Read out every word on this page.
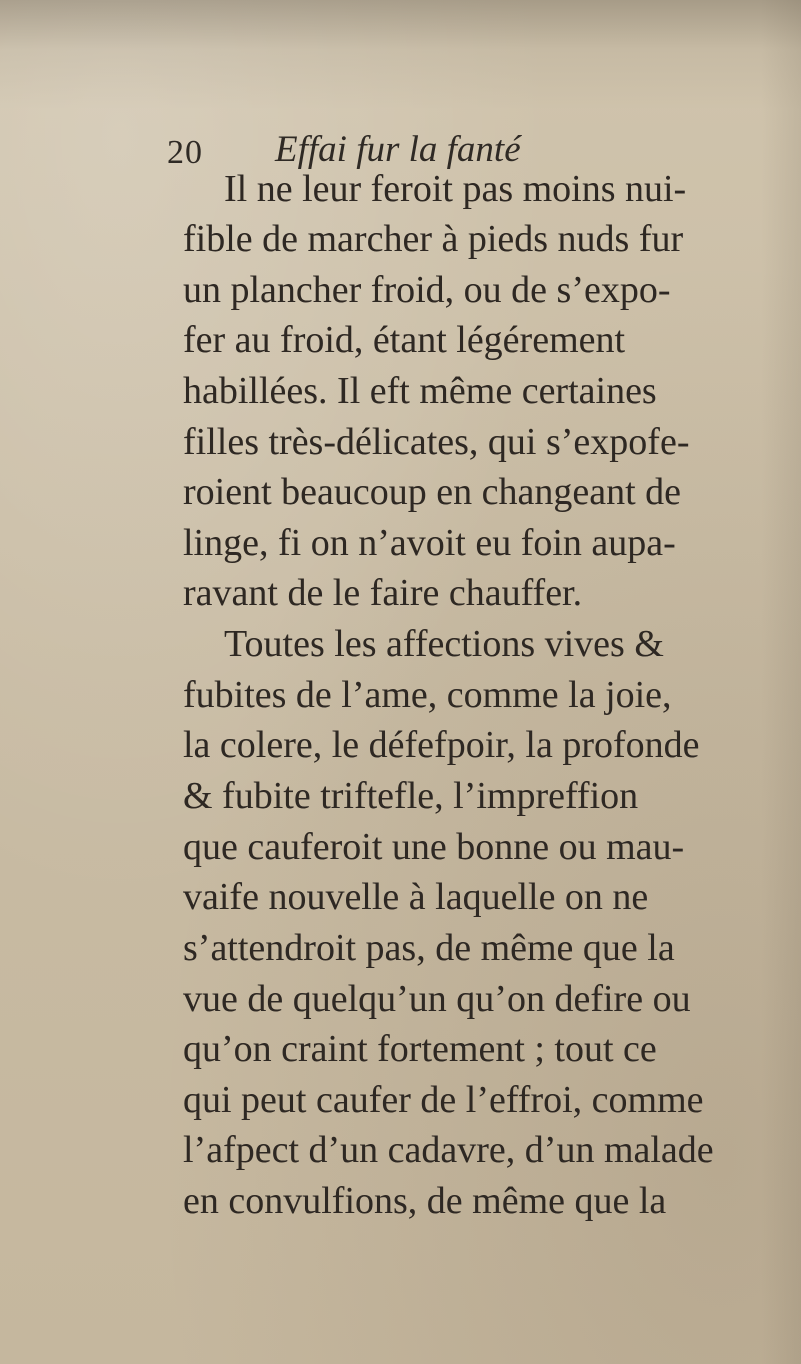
20 Effai fur la fanté
Il ne leur feroit pas moins nui-
fible de marcher à pieds nuds fur
un plancher froid, ou de s’expo-
fer au froid, étant légérement
habillées. Il eft même certaines
filles très-délicates, qui s’expofe-
roient beaucoup en changeant de
linge, fi on n’avoit eu foin aupa-
ravant de le faire chauffer.
Toutes les affections vives &
fubites de l’ame, comme la joie,
la colere, le défefpoir, la profonde
& fubite triftefle, l’impreffion
que cauferoit une bonne ou mau-
vaife nouvelle à laquelle on ne
s’attendroit pas, de même que la
vue de quelqu’un qu’on defire ou
qu’on craint fortement ; tout ce
qui peut caufer de l’effroi, comme
l’afpect d’un cadavre, d’un malade
en convulfions, de même que la
